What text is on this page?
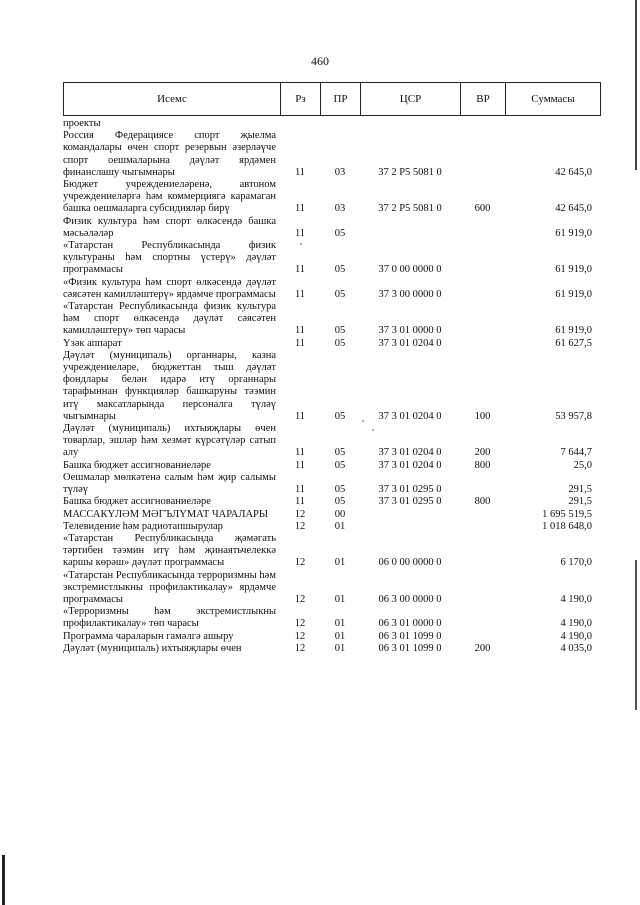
460
Исемс	Рз	ПР	ЦСР	ВР	Суммасы
проекты
Россия Федерациясе спорт җыелма командалары өчен спорт резервын әзерләүче спорт оешмаларына дәүләт ярдәмен финанслашу чыгымнары	11	03	37 2 P5 5081 0		42 645,0

Бюджет учреждениеләренә, автоном учреждениеләргә һәм коммерциягә карамаган башка оешмаларга субсидияләр бирү	11	03	37 2 P5 5081 0	600	42 645,0

Физик культура һәм спорт өлкәсендә башка мәсьәләләр	11	05			61 919,0

«Татарстан Республикасында физик культураны һәм спортны үстерү» дәүләт программасы	11	05	37 0 00 0000 0		61 919,0

«Физик культура һәм спорт өлкәсендә дәүләт сәясәтен камилләштерү» ярдәмче программасы	11	05	37 3 00 0000 0		61 919,0

«Татарстан Республикасында физик культура һәм спорт өлкәсендә дәүләт сәясәтен камилләштерү» төп чарасы	11	05	37 3 01 0000 0		61 919,0

Үзәк аппарат	11	05	37 3 01 0204 0		61 627,5

Дәүләт (муниципаль) органнары, казна учреждениеләре, бюджеттан тыш дәүләт фондлары белән идарә итү органнары тарафыннан функцияләр башкаруны тәэмин итү максатларында персоналга түләү чыгымнары	11	05	37 3 01 0204 0	100	53 957,8

Дәүләт (муниципаль) ихтыяҗлары өчен товарлар, эшләр һәм хезмәт күрсәтүләр сатып алу	11	05	37 3 01 0204 0	200	7 644,7

Башка бюджет ассигнованиеләре	11	05	37 3 01 0204 0	800	25,0

Оешмалар мөлкәтенә салым һәм җир салымы түләү	11	05	37 3 01 0295 0		291,5

Башка бюджет ассигнованиеләре	11	05	37 3 01 0295 0	800	291,5

МАССАКҮЛӘМ МӘГЪЛҮМАТ ЧАРАЛАРЫ	12	00			1 695 519,5

Телевидение һәм радиотапшырулар	12	01			1 018 648,0

«Татарстан Республикасында җәмәгать тәртибен тәэмин итү һәм җинаятьчелеккә каршы көрәш» дәүләт программасы	12	01	06 0 00 0000 0		6 170,0

«Татарстан Республикасында терроризмны һәм экстремистлыкны профилактикалау» ярдәмче программасы	12	01	06 3 00 0000 0		4 190,0

«Терроризмны һәм экстремистлыкны профилактикалау» төп чарасы	12	01	06 3 01 0000 0		4 190,0

Программа чараларын гамәлгә ашыру	12	01	06 3 01 1099 0		4 190,0

Дәүләт (муниципаль) ихтыяҗлары өчен	12	01	06 3 01 1099 0	200	4 035,0
